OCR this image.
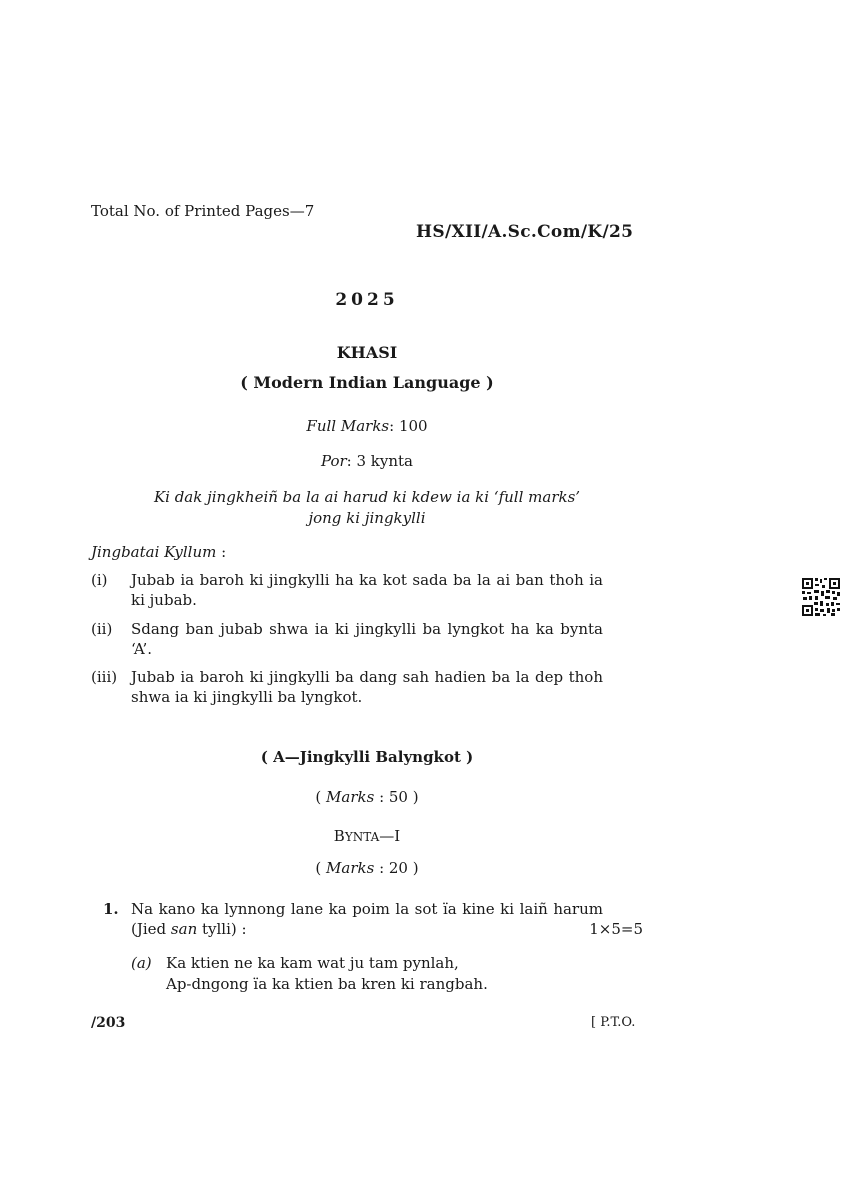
Total No. of Printed Pages—7
HS/XII/A.Sc.Com/K/25
2025
KHASI
( Modern Indian Language )
Full Marks: 100
Por: 3 kynta
Ki dak jingkheiñ ba la ai harud ki kdew ia ki ‘full marks’
jong ki jingkylli
Jingbatai Kyllum :
(i) Jubab ia baroh ki jingkylli ha ka kot sada ba la ai ban thoh ia ki jubab.
(ii) Sdang ban jubab shwa ia ki jingkylli ba lyngkot ha ka bynta ‘A’.
(iii) Jubab ia baroh ki jingkylli ba dang sah hadien ba la dep thoh shwa ia ki jingkylli ba lyngkot.
( A—Jingkylli Balyngkot )
( Marks : 50 )
BYNTA—I
( Marks : 20 )
1. Na kano ka lynnong lane ka poim la sot ïa kine ki laiñ harum (Jied san tylli) :	1×5=5
(a) Ka ktien ne ka kam wat ju tam pynlah,
Ap-dngong ïa ka ktien ba kren ki rangbah.
/203	[ P.T.O.
